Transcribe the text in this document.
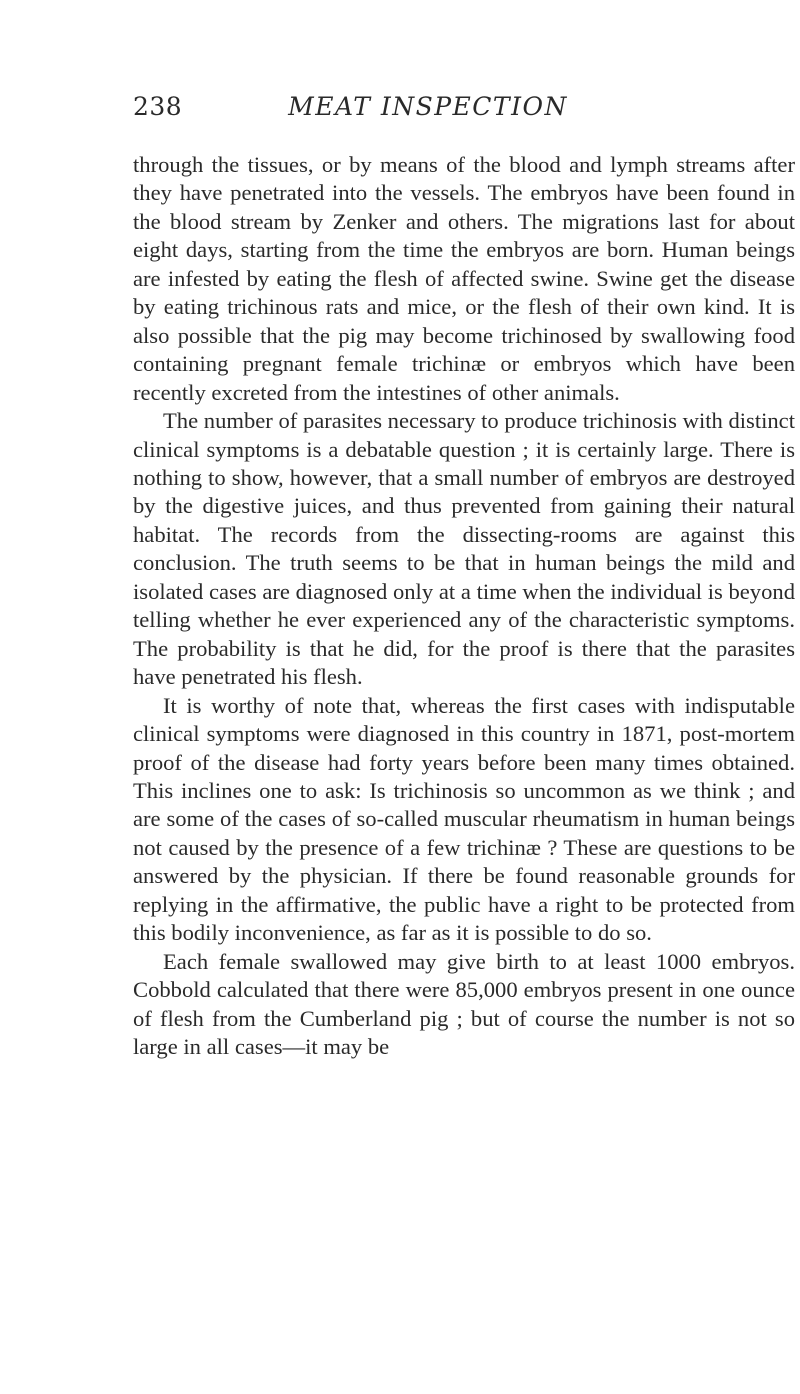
238	MEAT INSPECTION

through the tissues, or by means of the blood and lymph streams after they have penetrated into the vessels. The embryos have been found in the blood stream by Zenker and others. The migrations last for about eight days, starting from the time the embryos are born. Human beings are infested by eating the flesh of affected swine. Swine get the disease by eating trichinous rats and mice, or the flesh of their own kind. It is also possible that the pig may become trichinosed by swallowing food containing pregnant female trichinæ or embryos which have been recently excreted from the intestines of other animals.

The number of parasites necessary to produce trichinosis with distinct clinical symptoms is a debatable question ; it is certainly large. There is nothing to show, however, that a small number of embryos are destroyed by the digestive juices, and thus prevented from gaining their natural habitat. The records from the dissecting-rooms are against this conclusion. The truth seems to be that in human beings the mild and isolated cases are diagnosed only at a time when the individual is beyond telling whether he ever experienced any of the characteristic symptoms. The probability is that he did, for the proof is there that the parasites have penetrated his flesh.

It is worthy of note that, whereas the first cases with indisputable clinical symptoms were diagnosed in this country in 1871, post-mortem proof of the disease had forty years before been many times obtained. This inclines one to ask: Is trichinosis so uncommon as we think ; and are some of the cases of so-called muscular rheumatism in human beings not caused by the presence of a few trichinæ ? These are questions to be answered by the physician. If there be found reasonable grounds for replying in the affirmative, the public have a right to be protected from this bodily inconvenience, as far as it is possible to do so.

Each female swallowed may give birth to at least 1000 embryos. Cobbold calculated that there were 85,000 embryos present in one ounce of flesh from the Cumberland pig ; but of course the number is not so large in all cases—it may be
